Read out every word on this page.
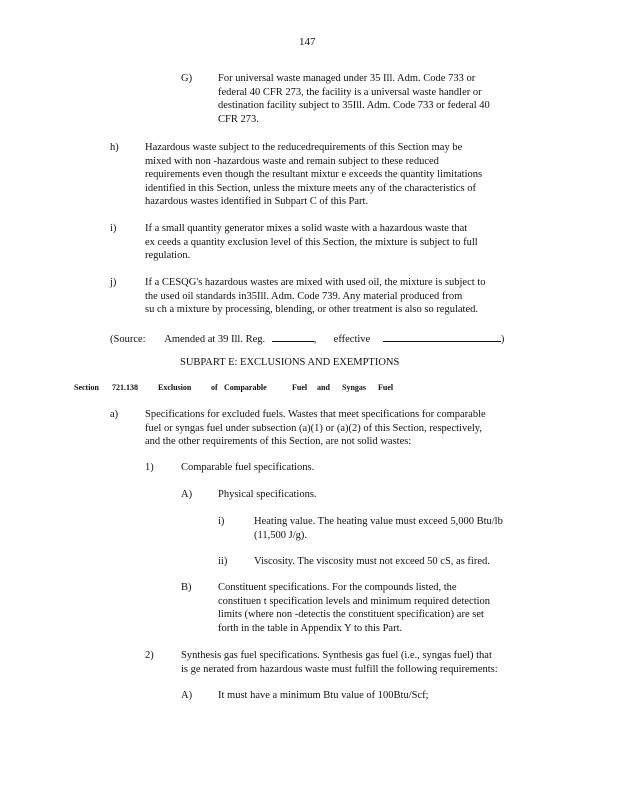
147
G) For universal waste managed under 35 Ill. Adm. Code 733 or
federal 40 CFR 273, the facility is a universal waste handler or
destination facility subject to 35Ill. Adm. Code 733 or federal 40
CFR 273.
h)	Hazardous waste subject to the reducedrequirements of this Section may be
mixed with non -hazardous waste and remain subject to these reduced
requirements even though the resultant mixtur e exceeds the quantity limitations
identified in this Section, unless the mixture meets any of the characteristics of
hazardous wastes identified in Subpart C of this Part.
i)	If a small quantity generator mixes a solid waste with a hazardous waste that
ex ceeds a quantity exclusion level of this Section, the mixture is subject to full
regulation.
j)	If a CESQG's hazardous wastes are mixed with used oil, the mixture is subject to
the used oil standards in35Ill. Adm. Code 739. Any material produced from
su ch a mixture by processing, blending, or other treatment is also so regulated.
(Source: Amended at 39 Ill. Reg.	, effective	)
SUBPART E: EXCLUSIONS AND EXEMPTIONS
Section 721.138	Exclusion of Comparable	Fuel and Syngas Fuel
a)	Specifications for excluded fuels. Wastes that meet specifications for comparable
fuel or syngas fuel under subsection (a)(1) or (a)(2) of this Section, respectively,
and the other requirements of this Section, are not solid wastes:
1)	Comparable fuel specifications.
A) Physical specifications.
i)	Heating value. The heating value must exceed 5,000 Btu/lb
(11,500 J/g).
ii)	Viscosity. The viscosity must not exceed 50 cS, as fired.
B)	Constituent specifications. For the compounds listed, the
constituen t specification levels and minimum required detection
limits (where non -detectis the constituent specification) are set
forth in the table in Appendix Y to this Part.
2)	Synthesis gas fuel specifications. Synthesis gas fuel (i.e., syngas fuel) that
is ge nerated from hazardous waste must fulfill the following requirements:
A) It must have a minimum Btu value of 100Btu/Scf;
